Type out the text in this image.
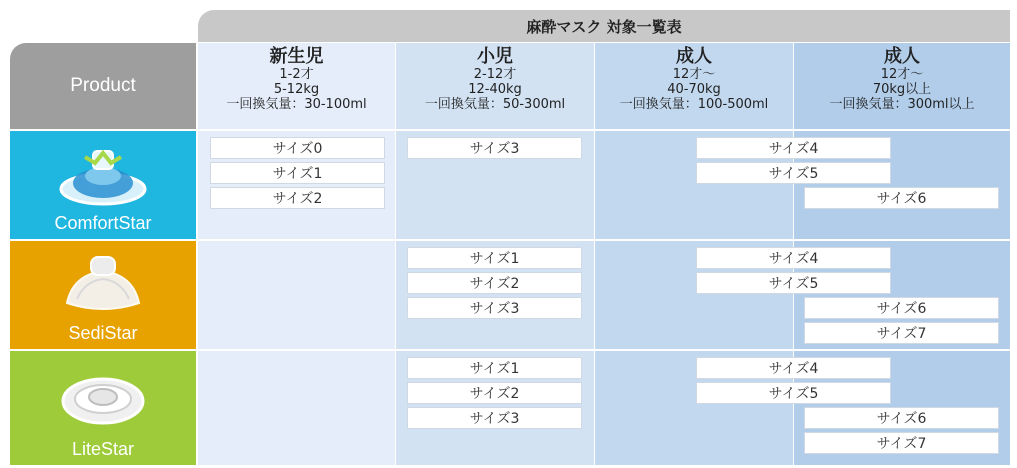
麻酔マスク 対象一覧表
Product
新生児
1-2才
5-12kg
一回換気量：30-100ml
小児
2-12才
12-40kg
一回換気量：50-300ml
成人
12才～
40-70kg
一回換気量：100-500ml
成人
12才～
70kg以上
一回換気量：300ml以上
ComfortStar
SediStar
LiteStar
サイズ0
サイズ1
サイズ2
サイズ3	サイズ4
サイズ5
サイズ6
サイズ1
サイズ2
サイズ3
サイズ4
サイズ5
サイズ6
サイズ7
サイズ1
サイズ2
サイズ3
サイズ4
サイズ5
サイズ6
サイズ7
